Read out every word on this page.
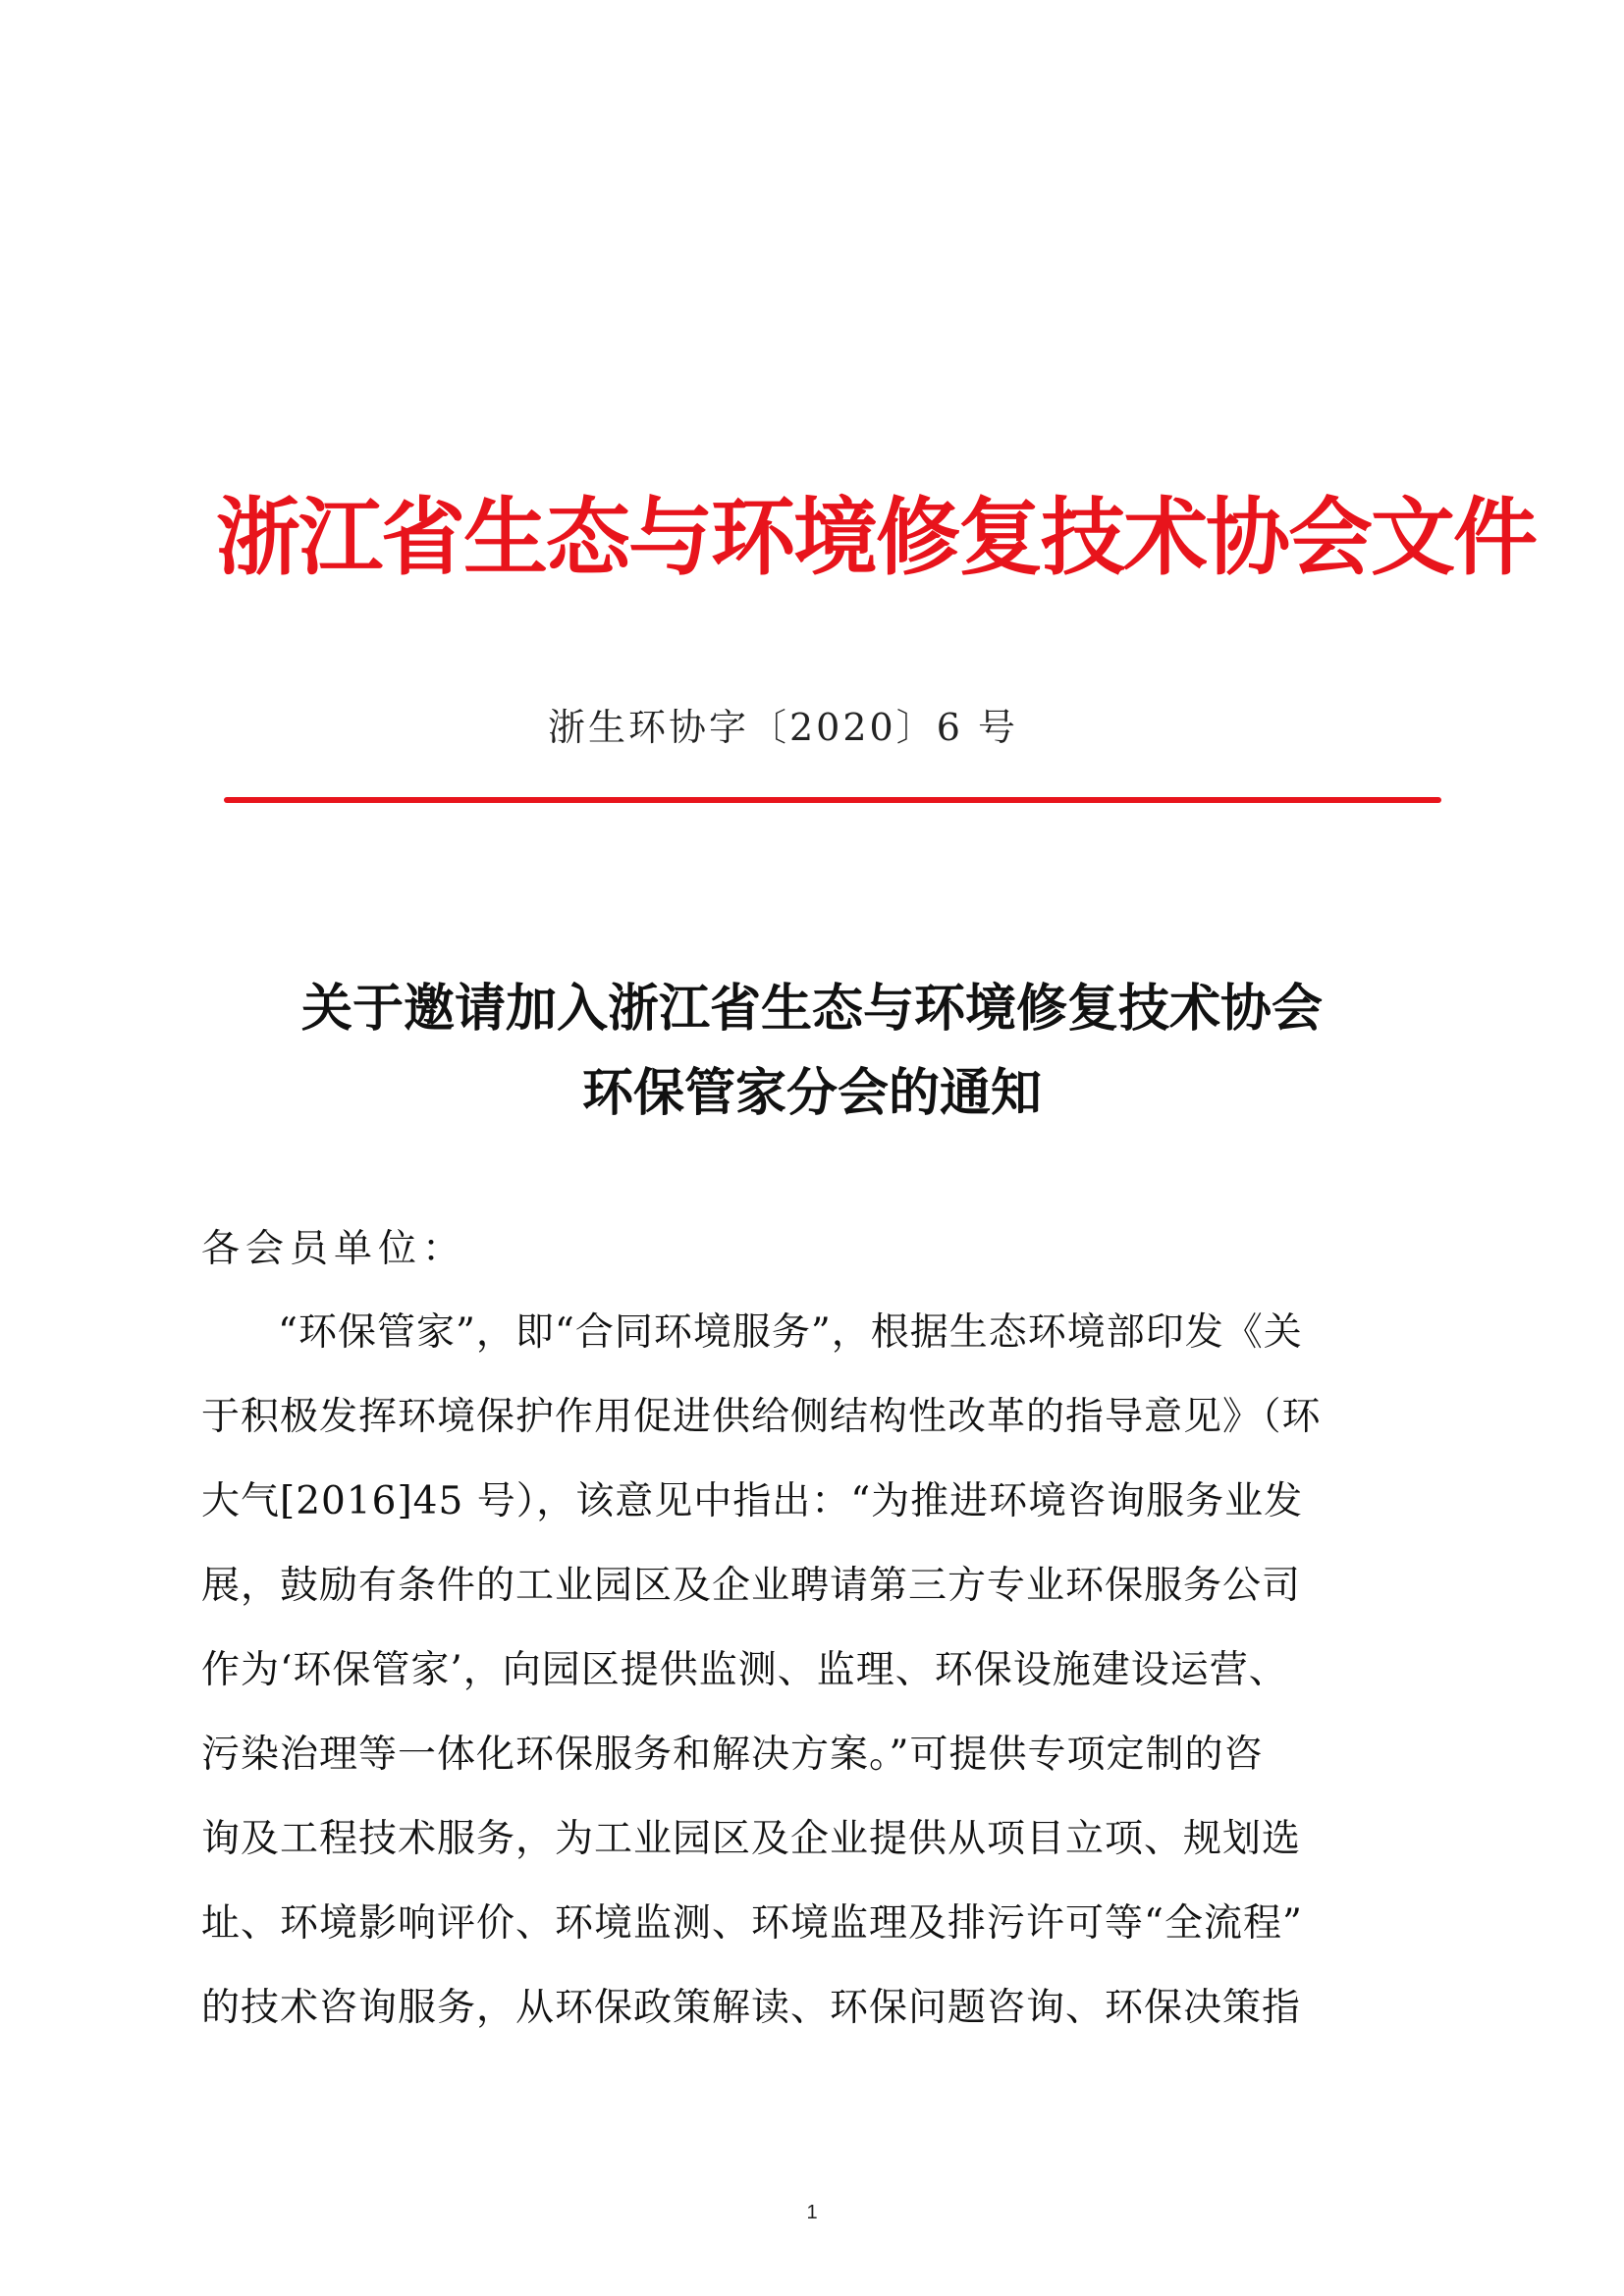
浙江省生态与环境修复技术协会文件

浙生环协字〔2020〕6 号

关于邀请加入浙江省生态与环境修复技术协会
环保管家分会的通知

各会员单位：

“环保管家”，即“合同环境服务”，根据生态环境部印发《关
于积极发挥环境保护作用促进供给侧结构性改革的指导意见》（环
大气[2016]45 号），该意见中指出：“为推进环境咨询服务业发
展，鼓励有条件的工业园区及企业聘请第三方专业环保服务公司
作为‘环保管家’，向园区提供监测、监理、环保设施建设运营、
污染治理等一体化环保服务和解决方案。”可提供专项定制的咨
询及工程技术服务，为工业园区及企业提供从项目立项、规划选
址、环境影响评价、环境监测、环境监理及排污许可等“全流程”
的技术咨询服务，从环保政策解读、环保问题咨询、环保决策指

1
